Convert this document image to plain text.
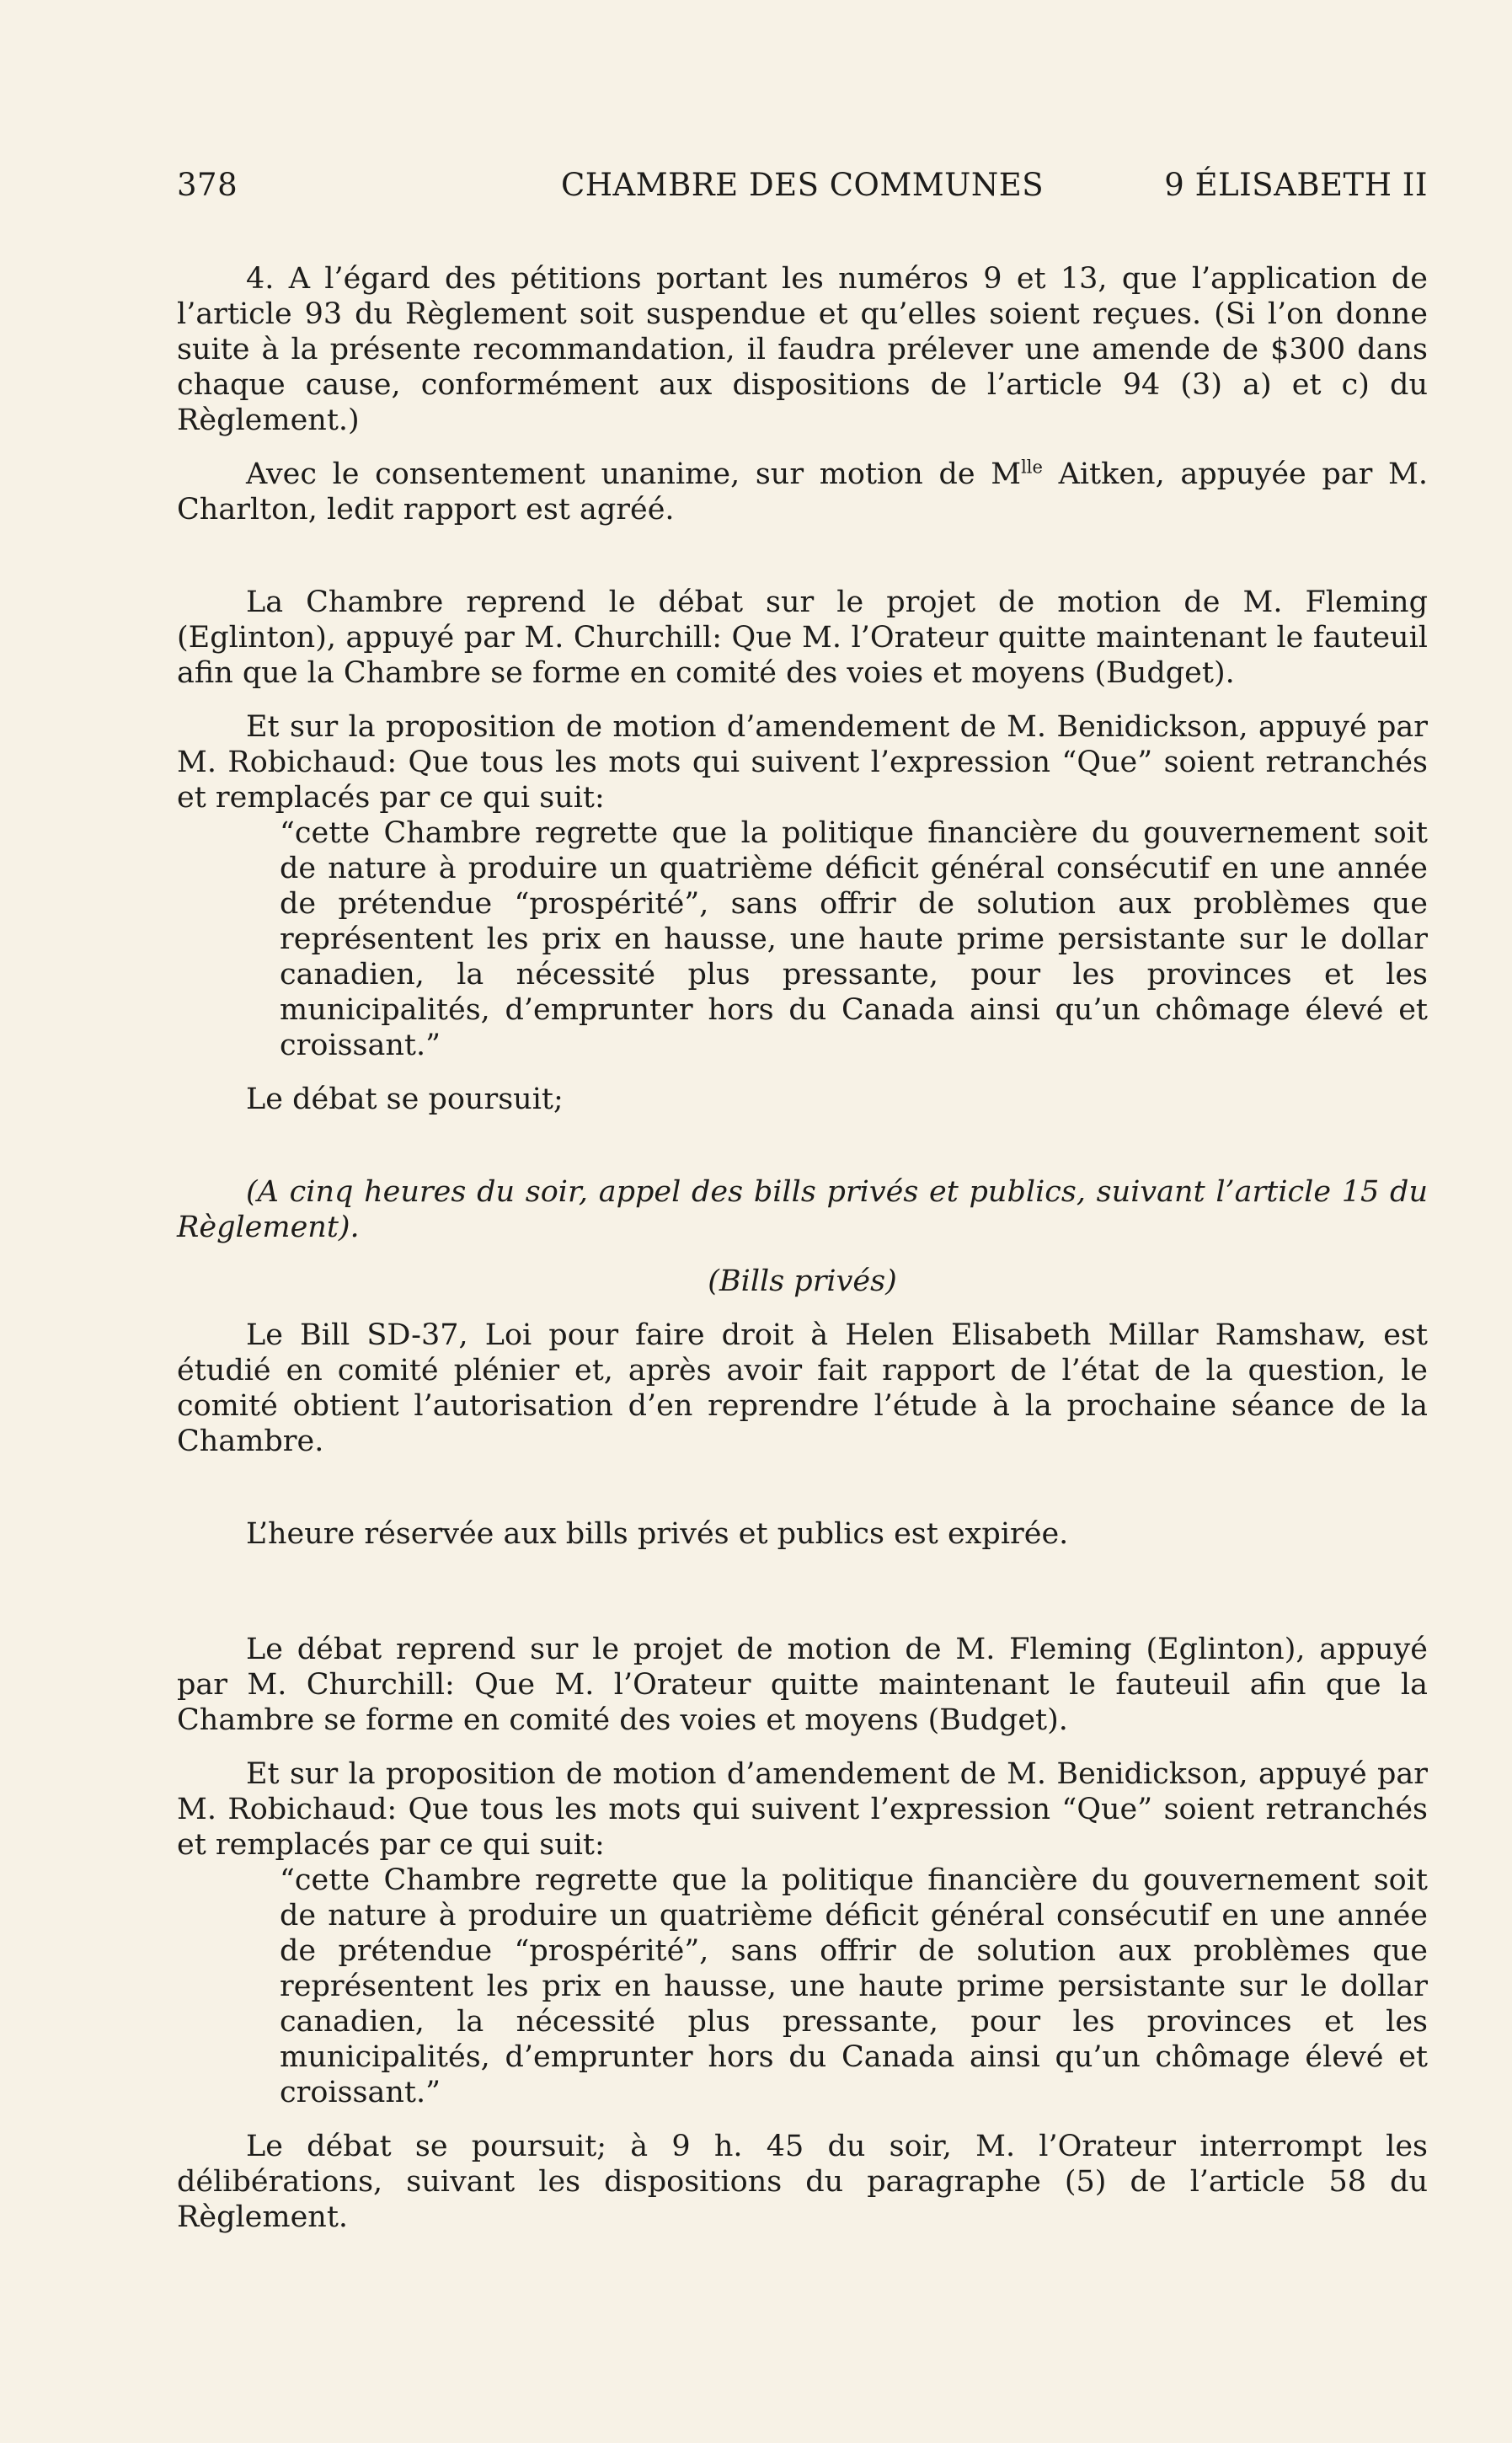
CHAMBRE DES COMMUNES
378	9 ÉLISABETH II

4. A l’égard des pétitions portant les numéros 9 et 13, que l’application de l’article 93 du Règlement soit suspendue et qu’elles soient reçues. (Si l’on donne suite à la présente recommandation, il faudra prélever une amende de $300 dans chaque cause, conformément aux dispositions de l’article 94 (3) a) et c) du Règlement.)

Avec le consentement unanime, sur motion de $M^{lle}$ Aitken, appuyée par M. Charlton, ledit rapport est agréé.

La Chambre reprend le débat sur le projet de motion de M. Fleming (Eglinton), appuyé par M. Churchill: Que M. l’Orateur quitte maintenant le fauteuil afin que la Chambre se forme en comité des voies et moyens (Budget).

Et sur la proposition de motion d’amendement de M. Benidickson, appuyé par M. Robichaud: Que tous les mots qui suivent l’expression “Que” soient retranchés et remplacés par ce qui suit:

“cette Chambre regrette que la politique financière du gouvernement soit de nature à produire un quatrième déficit général consécutif en une année de prétendue “prospérité”, sans offrir de solution aux problèmes que représentent les prix en hausse, une haute prime persistante sur le dollar canadien, la nécessité plus pressante, pour les provinces et les municipalités, d’emprunter hors du Canada ainsi qu’un chômage élevé et croissant.”

Le débat se poursuit;

(A cinq heures du soir, appel des bills privés et publics, suivant l’article 15 du Règlement).

(Bills privés)

Le Bill SD-37, Loi pour faire droit à Helen Elisabeth Millar Ramshaw, est étudié en comité plénier et, après avoir fait rapport de l’état de la question, le comité obtient l’autorisation d’en reprendre l’étude à la prochaine séance de la Chambre.

L’heure réservée aux bills privés et publics est expirée.

Le débat reprend sur le projet de motion de M. Fleming (Eglinton), appuyé par M. Churchill: Que M. l’Orateur quitte maintenant le fauteuil afin que la Chambre se forme en comité des voies et moyens (Budget).

Et sur la proposition de motion d’amendement de M. Benidickson, appuyé par M. Robichaud: Que tous les mots qui suivent l’expression “Que” soient retranchés et remplacés par ce qui suit:

“cette Chambre regrette que la politique financière du gouvernement soit de nature à produire un quatrième déficit général consécutif en une année de prétendue “prospérité”, sans offrir de solution aux problèmes que représentent les prix en hausse, une haute prime persistante sur le dollar canadien, la nécessité plus pressante, pour les provinces et les municipalités, d’emprunter hors du Canada ainsi qu’un chômage élevé et croissant.”

Le débat se poursuit; à 9 h. 45 du soir, M. l’Orateur interrompt les délibérations, suivant les dispositions du paragraphe (5) de l’article 58 du Règlement.
